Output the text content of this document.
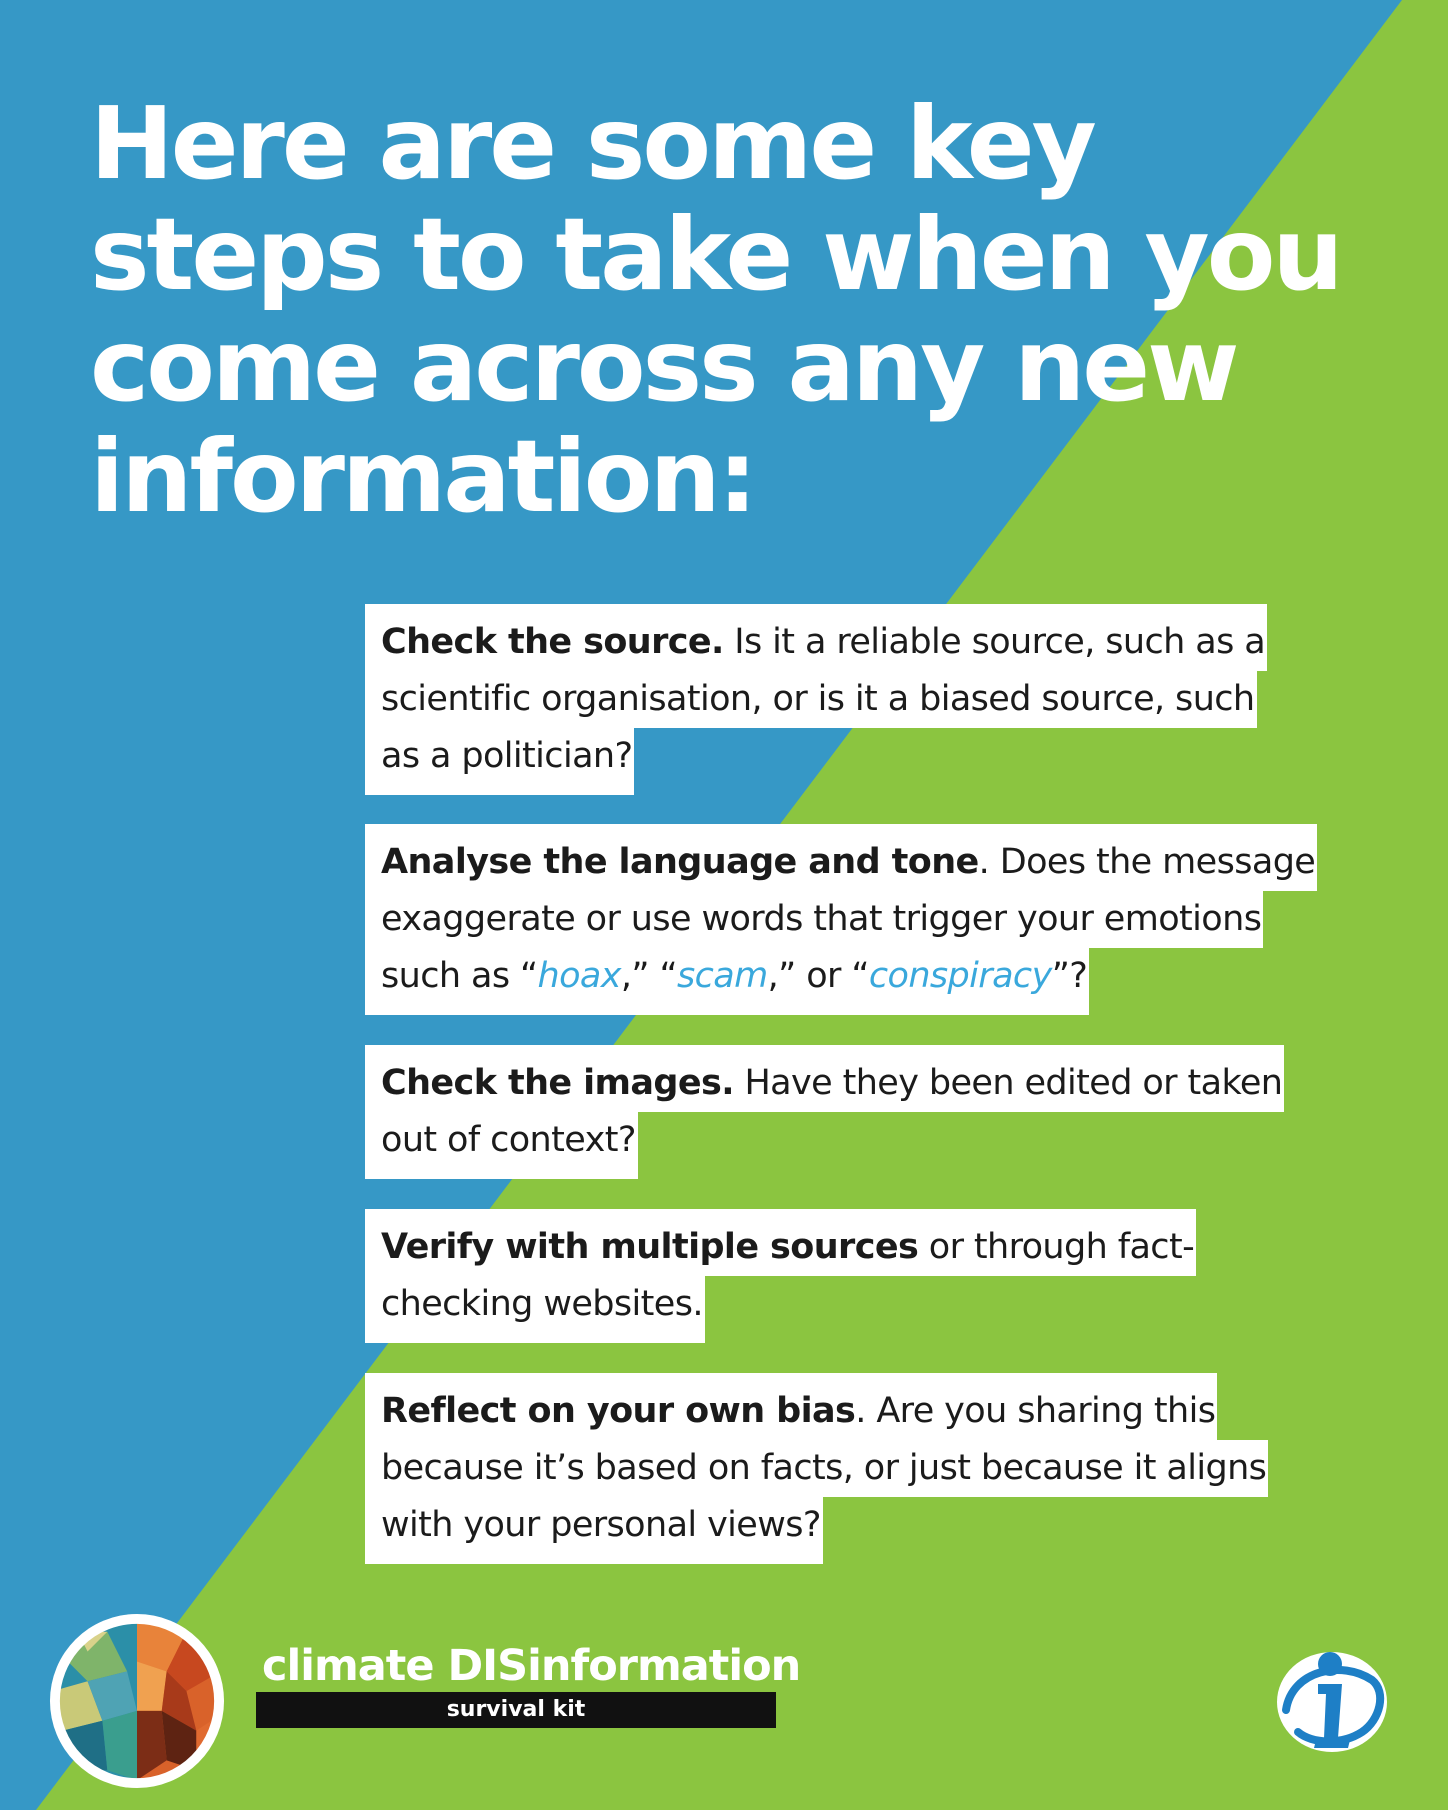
Here are some key
steps to take when you
come across any new
information:
Check the source. Is it a reliable source, such as a
scientific organisation, or is it a biased source, such
as a politician?
Analyse the language and tone. Does the message
exaggerate or use words that trigger your emotions
such as “hoax,” “scam,” or “conspiracy”?
Check the images. Have they been edited or taken
out of context?
Verify with multiple sources or through fact-
checking websites.
Reflect on your own bias. Are you sharing this
because it’s based on facts, or just because it aligns
with your personal views?
climate DISinformation
survival kit
